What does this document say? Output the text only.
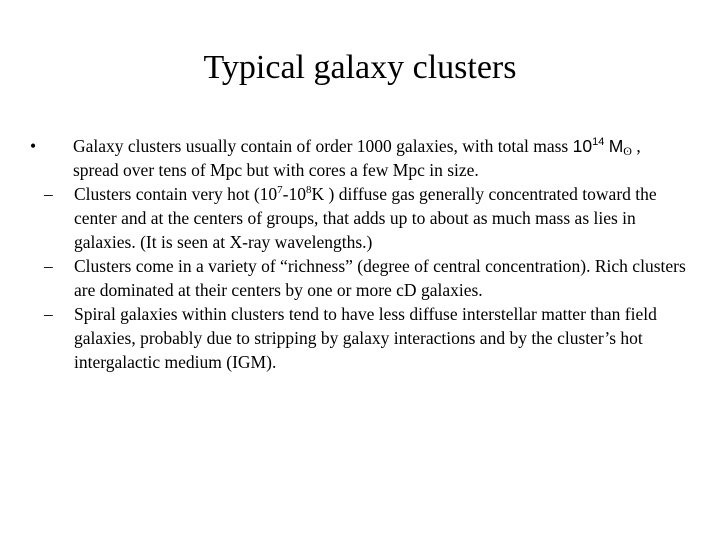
Typical galaxy clusters
• Galaxy clusters usually contain of order 1000 galaxies, with total mass $10^{14}$ Mʘ , spread over tens of Mpc but with cores a few Mpc in size.
– Clusters contain very hot ($10^7-10^8K$ ) diffuse gas generally concentrated toward the center and at the centers of groups, that adds up to about as much mass as lies in galaxies. (It is seen at X-ray wavelengths.)
– Clusters come in a variety of “richness” (degree of central concentration). Rich clusters are dominated at their centers by one or more cD galaxies.
– Spiral galaxies within clusters tend to have less diffuse interstellar matter than field galaxies, probably due to stripping by galaxy interactions and by the cluster’s hot intergalactic medium (IGM).
